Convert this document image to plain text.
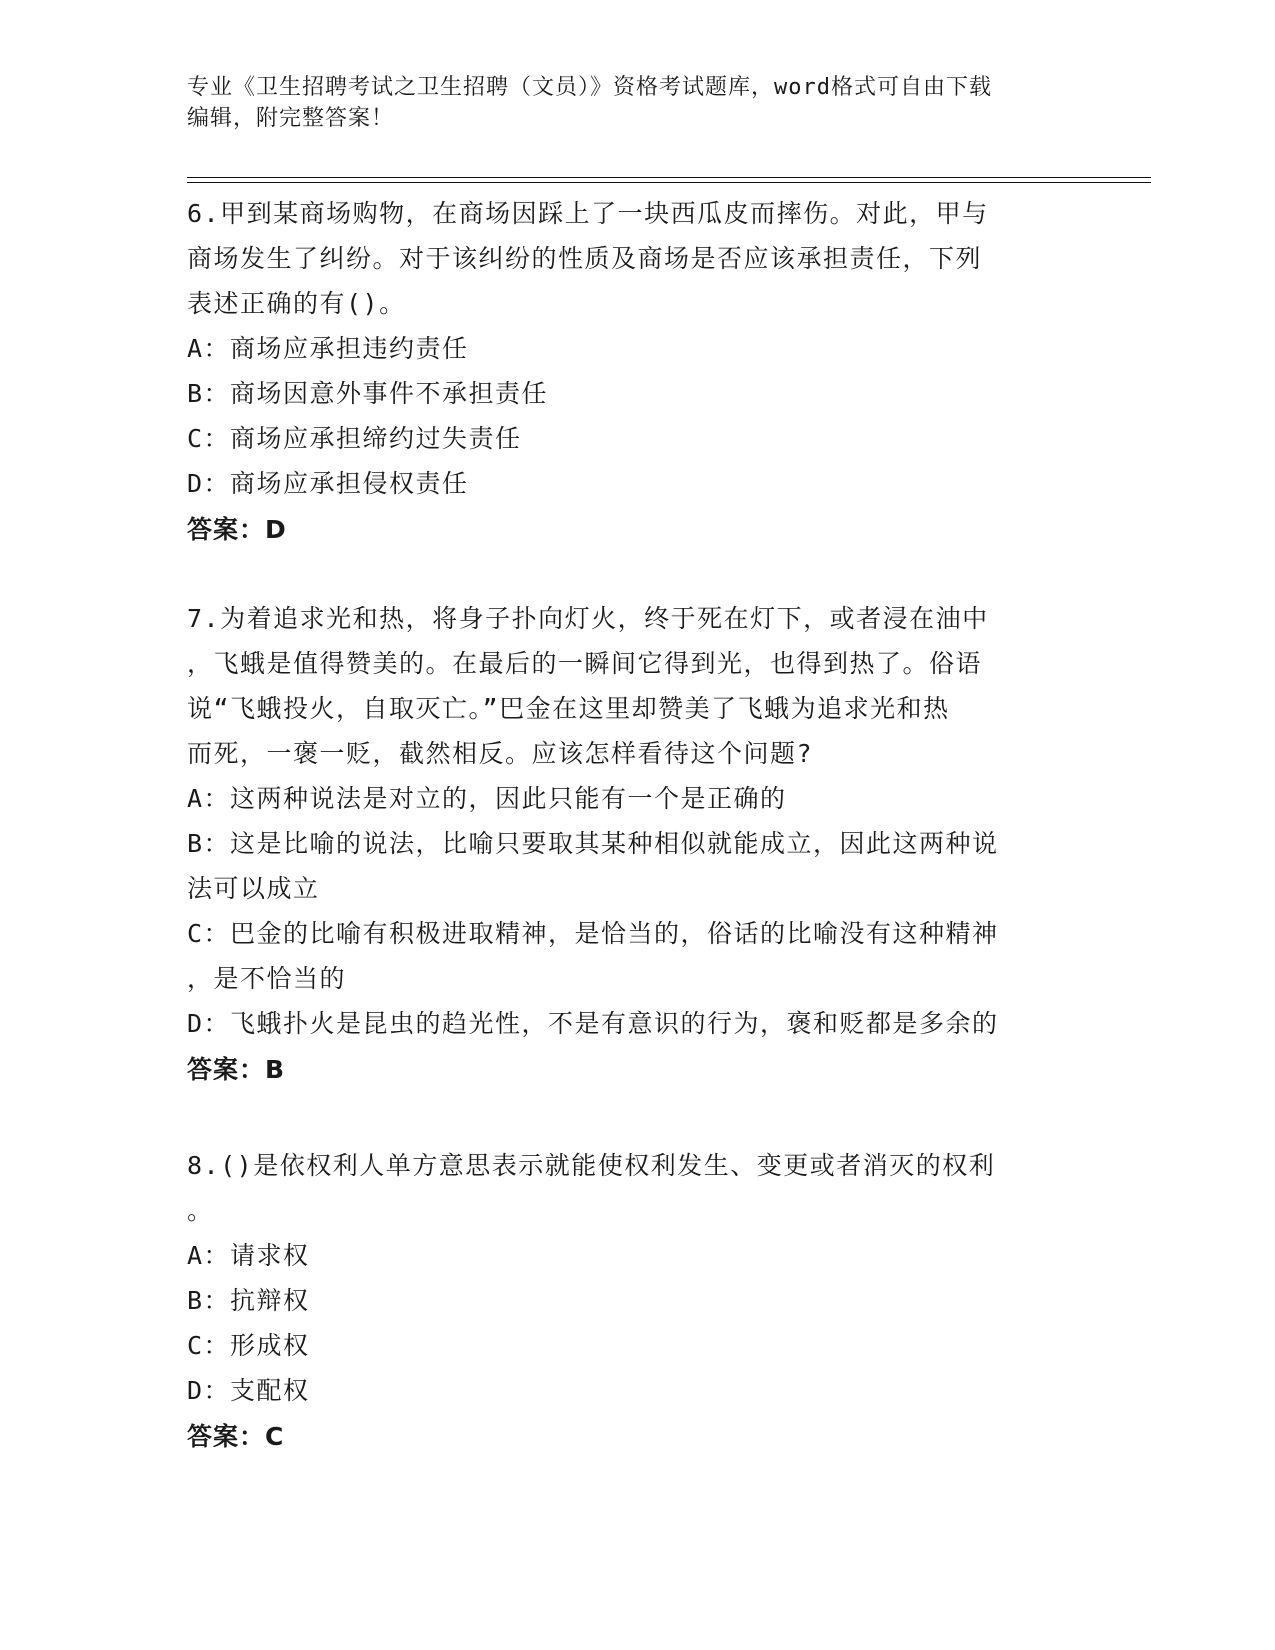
专业《卫生招聘考试之卫生招聘（文员）》资格考试题库，word格式可自由下载
编辑，附完整答案！

6.甲到某商场购物，在商场因踩上了一块西瓜皮而摔伤。对此，甲与

商场发生了纠纷。对于该纠纷的性质及商场是否应该承担责任，下列

表述正确的有()。

A：商场应承担违约责任

B：商场因意外事件不承担责任

C：商场应承担缔约过失责任

D：商场应承担侵权责任

答案：D

7.为着追求光和热，将身子扑向灯火，终于死在灯下，或者浸在油中

，飞蛾是值得赞美的。在最后的一瞬间它得到光，也得到热了。俗语

说“飞蛾投火，自取灭亡。”巴金在这里却赞美了飞蛾为追求光和热

而死，一褒一贬，截然相反。应该怎样看待这个问题?

A：这两种说法是对立的，因此只能有一个是正确的

B：这是比喻的说法，比喻只要取其某种相似就能成立，因此这两种说

法可以成立

C：巴金的比喻有积极进取精神，是恰当的，俗话的比喻没有这种精神

，是不恰当的

D：飞蛾扑火是昆虫的趋光性，不是有意识的行为，褒和贬都是多余的

答案：B

8.()是依权利人单方意思表示就能使权利发生、变更或者消灭的权利

。

A：请求权

B：抗辩权

C：形成权

D：支配权

答案：C
